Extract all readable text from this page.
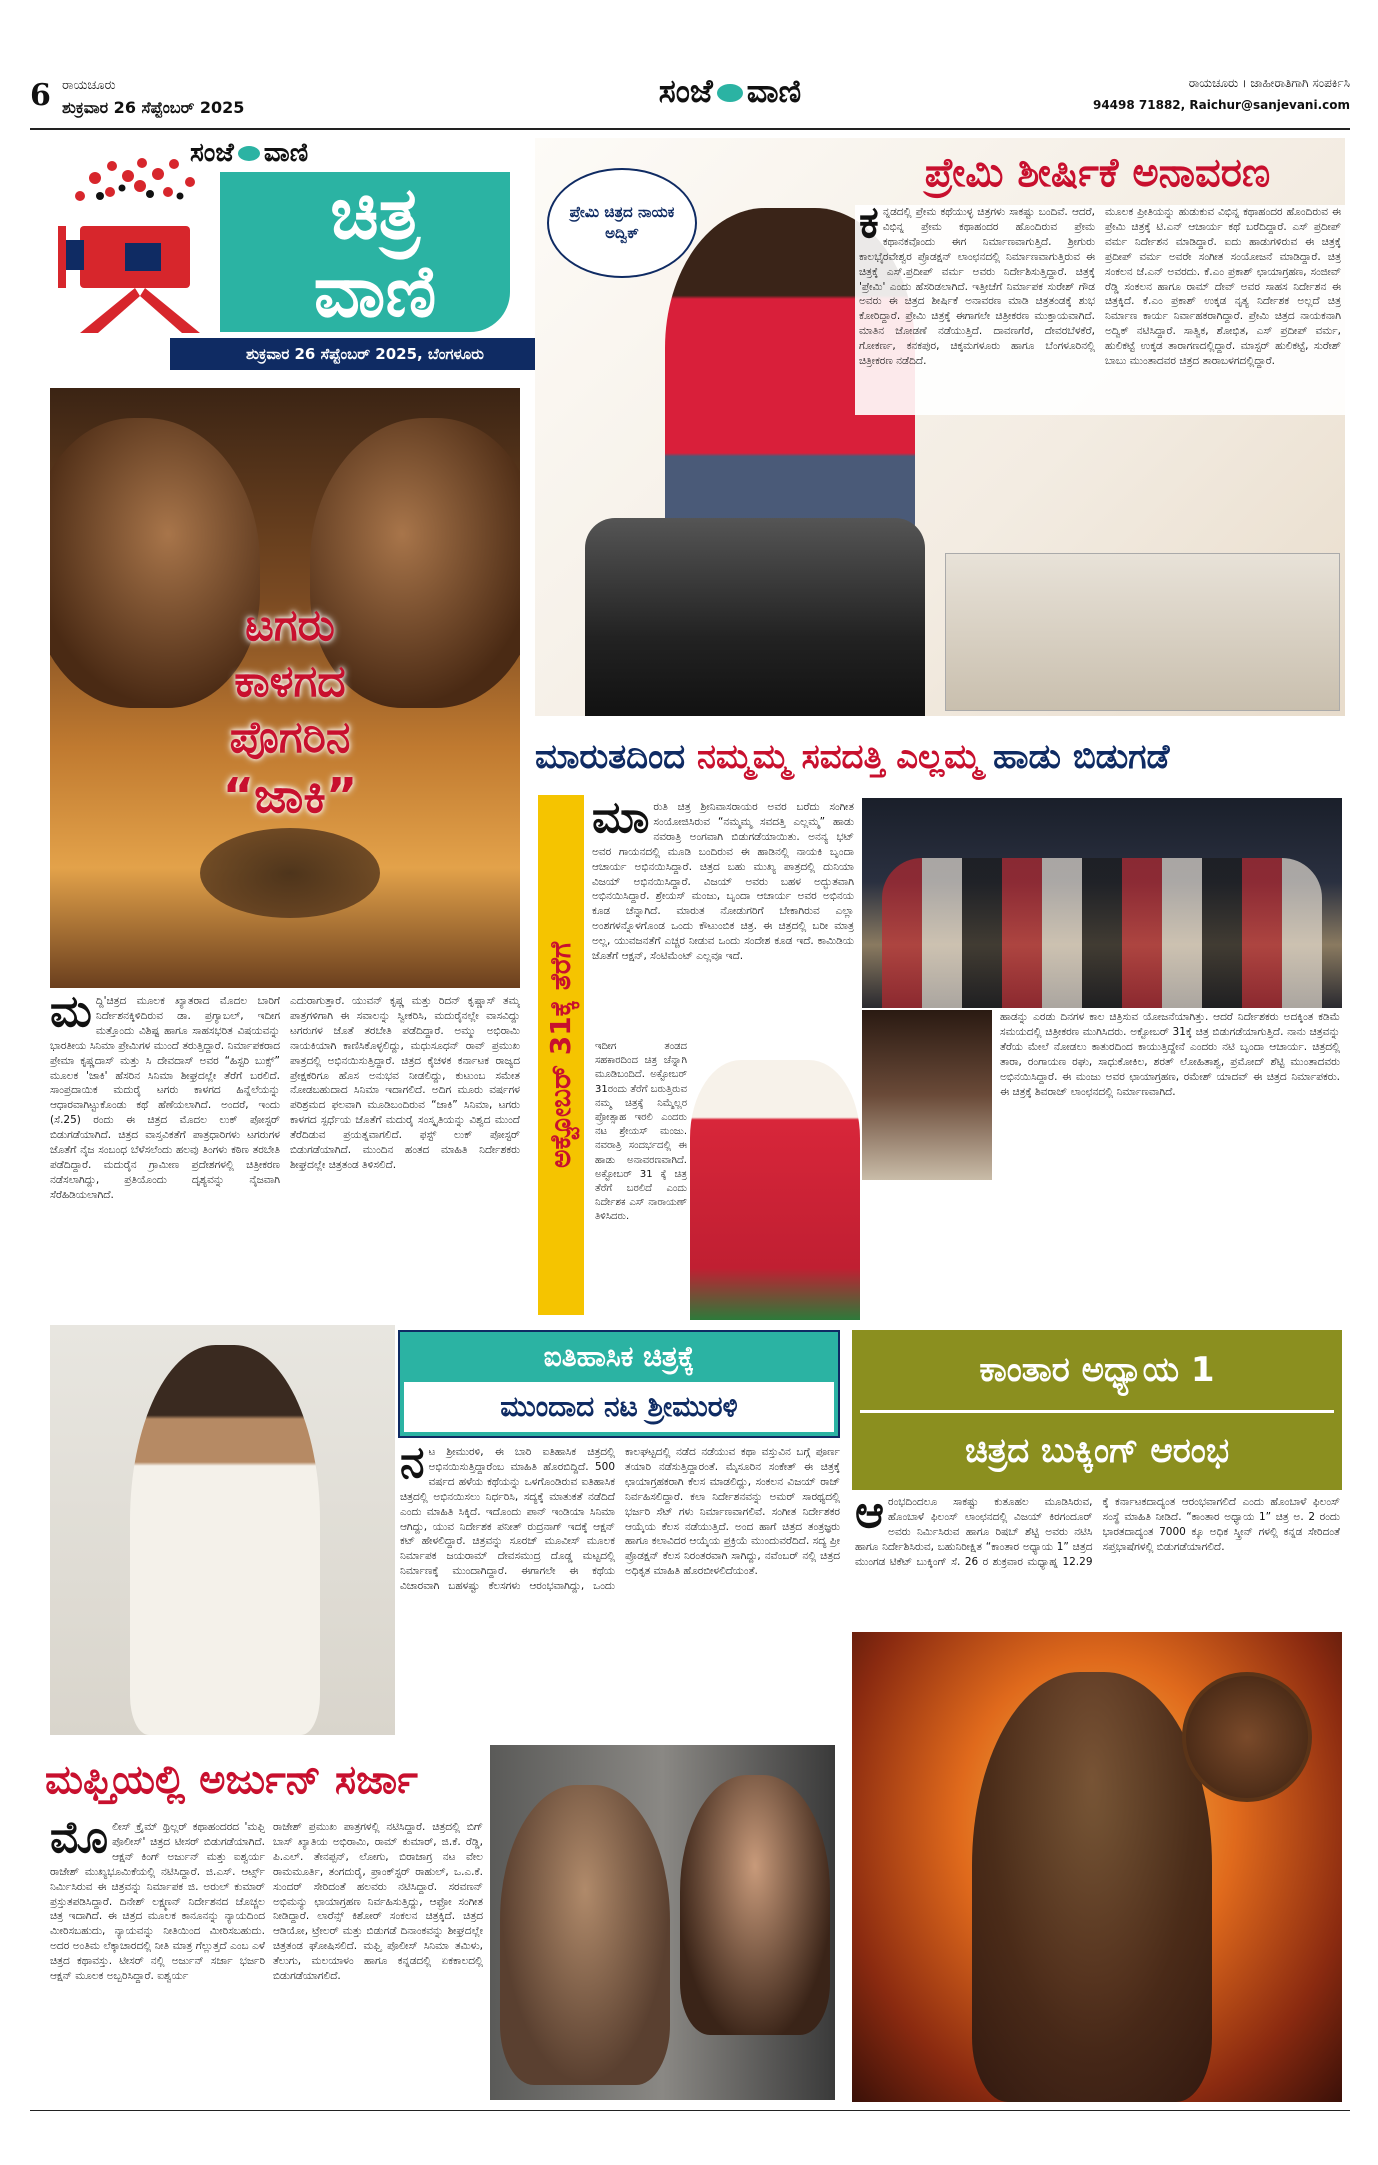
6 ರಾಯಚೂರು
ಶುಕ್ರವಾರ 26 ಸೆಪ್ಟೆಂಬರ್ 2025	ಸಂಜೆ ವಾಣಿ	ರಾಯಚೂರು । ಜಾಹೀರಾತಿಗಾಗಿ ಸಂಪರ್ಕಿಸಿ
94498 71882, Raichur@sanjevani.com
ಸಂಜೆ ವಾಣಿ
ಚಿತ್ರ
ವಾಣಿ
ಶುಕ್ರವಾರ 26 ಸೆಪ್ಟೆಂಬರ್ 2025, ಬೆಂಗಳೂರು
ಟಗರು
ಕಾಳಗದ
ಪೊಗರಿನ
“ಜಾಕಿ”
ಮದ್ದಿ'ಚಿತ್ರದ ಮೂಲಕ ಖ್ಯಾತರಾದ ಮೊದಲ ಬಾರಿಗೆ ನಿರ್ದೇಶನಕ್ಕಿಳಿದಿರುವ ಡಾ. ಪ್ರಗ್ಯಾಬಲ್, ಇದೀಗ ಮತ್ತೊಂದು ವಿಶಿಷ್ಟ ಹಾಗೂ ಸಾಹಸಭರಿತ ವಿಷಯವನ್ನು ಭಾರತೀಯ ಸಿನಿಮಾ ಪ್ರೇಮಿಗಳ ಮುಂದೆ ತರುತ್ತಿದ್ದಾರೆ. ನಿರ್ಮಾಪಕರಾದ ಪ್ರೇಮಾ ಕೃಷ್ಣದಾಸ್ ಮತ್ತು ಸಿ ದೇವದಾಸ್ ಅವರ “ಹಿಸ್ಟರಿ ಬುಕ್ಸ್” ಮೂಲಕ 'ಜಾಕಿ' ಹೆಸರಿನ ಸಿನಿಮಾ ಶೀಘ್ರದಲ್ಲೇ ತೆರೆಗೆ ಬರಲಿದೆ. ಸಾಂಪ್ರದಾಯಿಕ ಮದುರೈ ಟಗರು ಕಾಳಗದ ಹಿನ್ನೆಲೆಯನ್ನು ಆಧಾರವಾಗಿಟ್ಟುಕೊಂಡು ಕಥೆ ಹೆಣೆಯಲಾಗಿದೆ. ಅಂದರೆ, ಇಂದು (ಸೆ.25) ರಂದು ಈ ಚಿತ್ರದ ಮೊದಲ ಲುಕ್ ಪೋಸ್ಟರ್ ಬಿಡುಗಡೆಯಾಗಿದೆ. ಚಿತ್ರದ ವಾಸ್ತವಿಕತೆಗೆ ಪಾತ್ರಧಾರಿಗಳು ಟಗರುಗಳ ಜೊತೆಗೆ ನೈಜ ಸಂಬಂಧ ಬೆಳೆಸಲೆಂದು ಹಲವು ತಿಂಗಳು ಕಠಿಣ ತರಬೇತಿ ಪಡೆದಿದ್ದಾರೆ. ಮದುರೈನ ಗ್ರಾಮೀಣ ಪ್ರದೇಶಗಳಲ್ಲಿ ಚಿತ್ರೀಕರಣ ನಡೆಸಲಾಗಿದ್ದು, ಪ್ರತಿಯೊಂದು ದೃಶ್ಯವನ್ನು ನೈಜವಾಗಿ ಸೆರೆಹಿಡಿಯಲಾಗಿದೆ.
ಎದುರಾಗುತ್ತಾರೆ. ಯುವನ್ ಕೃಷ್ಣ ಮತ್ತು ರಿದನ್ ಕೃಷ್ಣಾಸ್ ತಮ್ಮ ಪಾತ್ರಗಳಿಗಾಗಿ ಈ ಸವಾಲನ್ನು ಸ್ವೀಕರಿಸಿ, ಮದುರೈನಲ್ಲೇ ವಾಸವಿದ್ದು ಟಗರುಗಳ ಜೊತೆ ತರಬೇತಿ ಪಡೆದಿದ್ದಾರೆ. ಅಮ್ಮು ಅಭಿರಾಮಿ ನಾಯಕಿಯಾಗಿ ಕಾಣಿಸಿಕೊಳ್ಳಲಿದ್ದು, ಮಧುಸೂಧನ್ ರಾವ್ ಪ್ರಮುಖ ಪಾತ್ರದಲ್ಲಿ ಅಭಿನಯಿಸುತ್ತಿದ್ದಾರೆ. ಚಿತ್ರದ ಕೈಚಳಕ ಕರ್ನಾಟಕ ರಾಜ್ಯದ ಪ್ರೇಕ್ಷಕರಿಗೂ ಹೊಸ ಅನುಭವ ನೀಡಲಿದ್ದು, ಕುಟುಂಬ ಸಮೇತ ನೋಡಬಹುದಾದ ಸಿನಿಮಾ ಇದಾಗಲಿದೆ. ಅದಿಗ ಮೂರು ವರ್ಷಗಳ ಪರಿಶ್ರಮದ ಫಲವಾಗಿ ಮೂಡಿಬಂದಿರುವ “ಜಾಕಿ” ಸಿನಿಮಾ, ಟಗರು ಕಾಳಗದ ಸ್ಪರ್ಧೆಯ ಜೊತೆಗೆ ಮದುರೈ ಸಂಸ್ಕೃತಿಯನ್ನು ವಿಶ್ವದ ಮುಂದೆ ತೆರೆದಿಡುವ ಪ್ರಯತ್ನವಾಗಲಿದೆ. ಫಸ್ಟ್ ಲುಕ್ ಪೋಸ್ಟರ್ ಬಿಡುಗಡೆಯಾಗಿದೆ. ಮುಂದಿನ ಹಂತದ ಮಾಹಿತಿ ನಿರ್ದೇಶಕರು ಶೀಘ್ರದಲ್ಲೇ ಚಿತ್ರತಂಡ ತಿಳಿಸಲಿದೆ.
ಪ್ರೇಮಿ ಚಿತ್ರದ ನಾಯಕ ಅದ್ವಿಕ್
ಪ್ರೇಮಿ ಶೀರ್ಷಿಕೆ ಅನಾವರಣ
ಕನ್ನಡದಲ್ಲಿ ಪ್ರೇಮ ಕಥೆಯುಳ್ಳ ಚಿತ್ರಗಳು ಸಾಕಷ್ಟು ಬಂದಿವೆ. ಆದರೆ, ವಿಭಿನ್ನ ಪ್ರೇಮ ಕಥಾಹಂದರ ಹೊಂದಿರುವ ಪ್ರೇಮ ಕಥಾನಕವೊಂದು ಈಗ ನಿರ್ಮಾಣವಾಗುತ್ತಿದೆ. ಶ್ರೀಗುರು ಕಾಲಭೈರವೇಶ್ವರ ಪ್ರೊಡಕ್ಷನ್ ಲಾಂಛನದಲ್ಲಿ ನಿರ್ಮಾಣವಾಗುತ್ತಿರುವ ಈ ಚಿತ್ರಕ್ಕೆ ಎಸ್.ಪ್ರದೀಪ್ ವರ್ಮ ಅವರು ನಿರ್ದೇಶಿಸುತ್ತಿದ್ದಾರೆ. ಚಿತ್ರಕ್ಕೆ 'ಪ್ರೇಮಿ' ಎಂದು ಹೆಸರಿಡಲಾಗಿದೆ. ಇತ್ತೀಚೆಗೆ ನಿರ್ಮಾಪಕ ಸುರೇಶ್ ಗೌಡ ಅವರು ಈ ಚಿತ್ರದ ಶೀರ್ಷಿಕೆ ಅನಾವರಣ ಮಾಡಿ ಚಿತ್ರತಂಡಕ್ಕೆ ಶುಭ ಕೋರಿದ್ದಾರೆ. ಪ್ರೇಮಿ ಚಿತ್ರಕ್ಕೆ ಈಗಾಗಲೇ ಚಿತ್ರೀಕರಣ ಮುಕ್ತಾಯವಾಗಿದೆ. ಮಾತಿನ ಜೋಡಣೆ ನಡೆಯುತ್ತಿದೆ. ದಾವಣಗೆರೆ, ದೇವರಬೆಳಕೆರೆ, ಗೋಕರ್ಣ, ಕನಕಪುರ, ಚಿಕ್ಕಮಗಳೂರು ಹಾಗೂ ಬೆಂಗಳೂರಿನಲ್ಲಿ ಚಿತ್ರೀಕರಣ ನಡೆದಿದೆ.
ಮೂಲಕ ಪ್ರೀತಿಯನ್ನು ಹುಡುಕುವ ವಿಭಿನ್ನ ಕಥಾಹಂದರ ಹೊಂದಿರುವ ಈ ಪ್ರೇಮಿ ಚಿತ್ರಕ್ಕೆ ಟಿ.ಎನ್ ಆಚಾರ್ಯ ಕಥೆ ಬರೆದಿದ್ದಾರೆ. ಎಸ್ ಪ್ರದೀಪ್ ವರ್ಮ ನಿರ್ದೇಶನ ಮಾಡಿದ್ದಾರೆ. ಐದು ಹಾಡುಗಳಿರುವ ಈ ಚಿತ್ರಕ್ಕೆ ಪ್ರದೀಪ್ ವರ್ಮ ಅವರೇ ಸಂಗೀತ ಸಂಯೋಜನೆ ಮಾಡಿದ್ದಾರೆ. ಚಿತ್ರ ಸಂಕಲನ ಜೆ.ಎನ್ ಅವರದು. ಕೆ.ಎಂ ಪ್ರಕಾಶ್ ಛಾಯಾಗ್ರಹಣ, ಸಂಜೀವ್ ರೆಡ್ಡಿ ಸಂಕಲನ ಹಾಗೂ ರಾಮ್ ದೇವ್ ಅವರ ಸಾಹಸ ನಿರ್ದೇಶನ ಈ ಚಿತ್ರಕ್ಕಿದೆ. ಕೆ.ಎಂ ಪ್ರಕಾಶ್ ಉಕ್ಕಡ ನೃತ್ಯ ನಿರ್ದೇಶಕ ಅಲ್ಲದೆ ಚಿತ್ರ ನಿರ್ಮಾಣ ಕಾರ್ಯ ನಿರ್ವಾಹಕರಾಗಿದ್ದಾರೆ. ಪ್ರೇಮಿ ಚಿತ್ರದ ನಾಯಕನಾಗಿ ಅದ್ವಿಕ್ ನಟಿಸಿದ್ದಾರೆ. ಸಾತ್ವಿಕ, ಶೋಭಿತ, ಎಸ್ ಪ್ರದೀಪ್ ವರ್ಮ, ಹುಲಿಕಟ್ಟೆ ಉಕ್ಕಡ ತಾರಾಗಣದಲ್ಲಿದ್ದಾರೆ. ಮಾಸ್ಟರ್ ಹುಲಿಕಟ್ಟೆ, ಸುರೇಶ್ ಬಾಬು ಮುಂತಾದವರ ಚಿತ್ರದ ತಾರಾಬಳಗದಲ್ಲಿದ್ದಾರೆ.
ಮಾರುತದಿಂದ ನಮ್ಮಮ್ಮ ಸವದತ್ತಿ ಎಲ್ಲಮ್ಮ ಹಾಡು ಬಿಡುಗಡೆ
ಅಕ್ಟೋಬರ್ 31ಕ್ಕೆ ತೆರೆಗೆ
ಮಾರುತಿ ಚಿತ್ರ ಶ್ರೀನಿವಾಸರಾಯರ ಅವರ ಬರೆದು ಸಂಗೀತ ಸಂಯೋಜಿಸಿರುವ “ನಮ್ಮಮ್ಮ ಸವದತ್ತಿ ಎಲ್ಲಮ್ಮ” ಹಾಡು ನವರಾತ್ರಿ ಅಂಗವಾಗಿ ಬಿಡುಗಡೆಯಾಯಿತು. ಅನನ್ಯ ಭಟ್ ಅವರ ಗಾಯನದಲ್ಲಿ ಮೂಡಿ ಬಂದಿರುವ ಈ ಹಾಡಿನಲ್ಲಿ ನಾಯಕಿ ಬೃಂದಾ ಆಚಾರ್ಯ ಅಭಿನಯಿಸಿದ್ದಾರೆ. ಚಿತ್ರದ ಬಹು ಮುಖ್ಯ ಪಾತ್ರದಲ್ಲಿ ದುನಿಯಾ ವಿಜಯ್ ಅಭಿನಯಿಸಿದ್ದಾರೆ. ವಿಜಯ್ ಅವರು ಬಹಳ ಅದ್ಭುತವಾಗಿ ಅಭಿನಯಿಸಿದ್ದಾರೆ. ಶ್ರೇಯಸ್ ಮಂಜು, ಬೃಂದಾ ಆಚಾರ್ಯ ಅವರ ಅಭಿನಯ ಕೂಡ ಚೆನ್ನಾಗಿದೆ. ಮಾರುತ ನೋಡುಗರಿಗೆ ಬೇಕಾಗಿರುವ ಎಲ್ಲಾ ಅಂಶಗಳನ್ನೊಳಗೊಂಡ ಒಂದು ಕೌಟುಂಬಿಕ ಚಿತ್ರ. ಈ ಚಿತ್ರದಲ್ಲಿ ಬರೀ ಮಾತ್ರ ಅಲ್ಲ, ಯುವಜನತೆಗೆ ಎಚ್ಚರ ನೀಡುವ ಒಂದು ಸಂದೇಶ ಕೂಡ ಇದೆ. ಕಾಮಿಡಿಯ ಜೊತೆಗೆ ಆಕ್ಷನ್, ಸೆಂಟಿಮೆಂಟ್ ಎಲ್ಲವೂ ಇದೆ.
ಇದೀಗ ತಂಡದ ಸಹಕಾರದಿಂದ ಚಿತ್ರ ಚೆನ್ನಾಗಿ ಮೂಡಿಬಂದಿದೆ. ಅಕ್ಟೋಬರ್ 31ರಂದು ತೆರೆಗೆ ಬರುತ್ತಿರುವ ನಮ್ಮ ಚಿತ್ರಕ್ಕೆ ನಿಮ್ಮೆಲ್ಲರ ಪ್ರೋತ್ಸಾಹ ಇರಲಿ ಎಂದರು ನಟ ಶ್ರೇಯಸ್ ಮಂಜು. ನವರಾತ್ರಿ ಸಂದರ್ಭದಲ್ಲಿ ಈ ಹಾಡು ಅನಾವರಣವಾಗಿದೆ. ಅಕ್ಟೋಬರ್ 31 ಕ್ಕೆ ಚಿತ್ರ ತೆರೆಗೆ ಬರಲಿದೆ ಎಂದು ನಿರ್ದೇಶಕ ಎಸ್ ನಾರಾಯಣ್ ತಿಳಿಸಿದರು.
ಹಾಡನ್ನು ಎರಡು ದಿನಗಳ ಕಾಲ ಚಿತ್ರಿಸುವ ಯೋಜನೆಯಾಗಿತ್ತು. ಆದರೆ ನಿರ್ದೇಶಕರು ಅದಕ್ಕಿಂತ ಕಡಿಮೆ ಸಮಯದಲ್ಲಿ ಚಿತ್ರೀಕರಣ ಮುಗಿಸಿದರು. ಅಕ್ಟೋಬರ್ 31ಕ್ಕೆ ಚಿತ್ರ ಬಿಡುಗಡೆಯಾಗುತ್ತಿದೆ. ನಾನು ಚಿತ್ರವನ್ನು ತೆರೆಯ ಮೇಲೆ ನೋಡಲು ಕಾತುರದಿಂದ ಕಾಯುತ್ತಿದ್ದೇನೆ ಎಂದರು ನಟಿ ಬೃಂದಾ ಆಚಾರ್ಯ. ಚಿತ್ರದಲ್ಲಿ ತಾರಾ, ರಂಗಾಯಣ ರಘು, ಸಾಧುಕೋಕಿಲ, ಶರತ್ ಲೋಹಿತಾಶ್ವ, ಪ್ರಮೋದ್ ಶೆಟ್ಟಿ ಮುಂತಾದವರು ಅಭಿನಯಿಸಿದ್ದಾರೆ. ಈ ಮಂಜು ಅವರ ಛಾಯಾಗ್ರಹಣ, ರಮೇಶ್ ಯಾದವ್ ಈ ಚಿತ್ರದ ನಿರ್ಮಾಪಕರು. ಈ ಚಿತ್ರಕ್ಕೆ ಶಿವರಾಜ್ ಲಾಂಛನದಲ್ಲಿ ನಿರ್ಮಾಣವಾಗಿದೆ.
ಐತಿಹಾಸಿಕ ಚಿತ್ರಕ್ಕೆ
ಮುಂದಾದ ನಟ ಶ್ರೀಮುರಳಿ
ನಟ ಶ್ರೀಮುರಳಿ, ಈ ಬಾರಿ ಐತಿಹಾಸಿಕ ಚಿತ್ರದಲ್ಲಿ ಅಭಿನಯಿಸುತ್ತಿದ್ದಾರೆಂಬ ಮಾಹಿತಿ ಹೊರಬಿದ್ದಿದೆ. 500 ವರ್ಷದ ಹಳೆಯ ಕಥೆಯನ್ನು ಒಳಗೊಂಡಿರುವ ಐತಿಹಾಸಿಕ ಚಿತ್ರದಲ್ಲಿ ಅಭಿನಯಿಸಲು ನಿರ್ಧರಿಸಿ, ಸದ್ಯಕ್ಕೆ ಮಾತುಕತೆ ನಡೆದಿದೆ ಎಂದು ಮಾಹಿತಿ ಸಿಕ್ಕಿದೆ. ಇದೊಂದು ಪಾನ್ ಇಂಡಿಯಾ ಸಿನಿಮಾ ಆಗಿದ್ದು, ಯುವ ನಿರ್ದೇಶಕ ಪನೀತ್ ರುದ್ರನಾಗ್ ಇದಕ್ಕೆ ಆಕ್ಷನ್ ಕಟ್ ಹೇಳಲಿದ್ದಾರೆ. ಚಿತ್ರವನ್ನು ಸೂರಜ್ ಮೂವೀಸ್ ಮೂಲಕ ನಿರ್ಮಾಪಕ ಜಯರಾಮ್ ದೇವಸಮುದ್ರ ದೊಡ್ಡ ಮಟ್ಟದಲ್ಲಿ ನಿರ್ಮಾಣಕ್ಕೆ ಮುಂದಾಗಿದ್ದಾರೆ. ಈಗಾಗಲೇ ಈ ಕಥೆಯ ವಿಚಾರವಾಗಿ ಬಹಳಷ್ಟು ಕೆಲಸಗಳು ಆರಂಭವಾಗಿದ್ದು, ಒಂದು ಕಾಲಘಟ್ಟದಲ್ಲಿ ನಡೆದ ನಡೆಯುವ ಕಥಾ ವಸ್ತುವಿನ ಬಗ್ಗೆ ಪೂರ್ಣ ತಯಾರಿ ನಡೆಸುತ್ತಿದ್ದಾರಂತೆ. ಮೈಸೂರಿನ ಸಂಕೇತ್ ಈ ಚಿತ್ರಕ್ಕೆ ಛಾಯಾಗ್ರಹಕರಾಗಿ ಕೆಲಸ ಮಾಡಲಿದ್ದು, ಸಂಕಲನ ವಿಜಯ್ ರಾಜ್ ನಿರ್ವಹಿಸಲಿದ್ದಾರೆ. ಕಲಾ ನಿರ್ದೇಶನವನ್ನು ಅಮರ್ ಸಾರಥ್ಯದಲ್ಲಿ ಭರ್ಜರಿ ಸೆಟ್ ಗಳು ನಿರ್ಮಾಣವಾಗಲಿವೆ. ಸಂಗೀತ ನಿರ್ದೇಶಕರ ಆಯ್ಕೆಯ ಕೆಲಸ ನಡೆಯುತ್ತಿದೆ. ಅಂದ ಹಾಗೆ ಚಿತ್ರದ ತಂತ್ರಜ್ಞರು ಹಾಗೂ ಕಲಾವಿದರ ಆಯ್ಕೆಯ ಪ್ರಕ್ರಿಯೆ ಮುಂದುವರೆದಿದೆ. ಸದ್ಯ ಪ್ರೀ ಪ್ರೊಡಕ್ಷನ್ ಕೆಲಸ ನಿರಂತರವಾಗಿ ಸಾಗಿದ್ದು, ನವೆಂಬರ್ ನಲ್ಲಿ ಚಿತ್ರದ ಅಧಿಕೃತ ಮಾಹಿತಿ ಹೊರಬೀಳಲಿದೆಯಂತೆ.
ಕಾಂತಾರ ಅಧ್ಯಾಯ 1
ಚಿತ್ರದ ಬುಕ್ಕಿಂಗ್ ಆರಂಭ
ಆರಂಭದಿಂದಲೂ ಸಾಕಷ್ಟು ಕುತೂಹಲ ಮೂಡಿಸಿರುವ, ಹೊಂಬಾಳೆ ಫಿಲಂಸ್ ಲಾಂಛನದಲ್ಲಿ ವಿಜಯ್ ಕಿರಗಂದೂರ್ ಅವರು ನಿರ್ಮಿಸಿರುವ ಹಾಗೂ ರಿಷಬ್ ಶೆಟ್ಟಿ ಅವರು ನಟಿಸಿ ಹಾಗೂ ನಿರ್ದೇಶಿಸಿರುವ, ಬಹುನಿರೀಕ್ಷಿತ “ಕಾಂತಾರ ಅಧ್ಯಾಯ 1” ಚಿತ್ರದ ಮುಂಗಡ ಟಿಕೆಟ್ ಬುಕ್ಕಿಂಗ್ ಸೆ. 26 ರ ಶುಕ್ರವಾರ ಮಧ್ಯಾಹ್ನ 12.29 ಕ್ಕೆ ಕರ್ನಾಟಕದಾದ್ಯಂತ ಆರಂಭವಾಗಲಿದೆ ಎಂದು ಹೊಂಬಾಳೆ ಫಿಲಂಸ್ ಸಂಸ್ಥೆ ಮಾಹಿತಿ ನೀಡಿದೆ. “ಕಾಂತಾರ ಅಧ್ಯಾಯ 1” ಚಿತ್ರ ಅ. 2 ರಂದು ಭಾರತದಾದ್ಯಂತ 7000 ಕ್ಕೂ ಅಧಿಕ ಸ್ಕ್ರೀನ್ ಗಳಲ್ಲಿ ಕನ್ನಡ ಸೇರಿದಂತೆ ಸಪ್ತಭಾಷೆಗಳಲ್ಲಿ ಬಿಡುಗಡೆಯಾಗಲಿದೆ.
ಮಫ್ತಿಯಲ್ಲಿ ಅರ್ಜುನ್ ಸರ್ಜಾ
ಮೊಲೀಸ್ ಕ್ರೈಮ್ ಥ್ರಿಲ್ಲರ್ ಕಥಾಹಂದರದ 'ಮಫ್ತಿ ಪೊಲೀಸ್' ಚಿತ್ರದ ಟೀಸರ್ ಬಿಡುಗಡೆಯಾಗಿದೆ. ಆಕ್ಷನ್ ಕಿಂಗ್ ಅರ್ಜುನ್ ಮತ್ತು ಐಶ್ವರ್ಯ ರಾಜೇಶ್ ಮುಖ್ಯಭೂಮಿಕೆಯಲ್ಲಿ ನಟಿಸಿದ್ದಾರೆ. ಜಿ.ಎಸ್. ಆರ್ಟ್ಸ್ ನಿರ್ಮಿಸಿರುವ ಈ ಚಿತ್ರವನ್ನು ನಿರ್ಮಾಪಕ ಜಿ. ಅರುಲ್ ಕುಮಾರ್ ಪ್ರಸ್ತುತಪಡಿಸಿದ್ದಾರೆ. ದಿನೇಶ್ ಲಕ್ಷ್ಮಣನ್ ನಿರ್ದೇಶನದ ಚೊಚ್ಚಲ ಚಿತ್ರ ಇದಾಗಿದೆ. ಈ ಚಿತ್ರದ ಮೂಲಕ ಕಾನೂನನ್ನು ನ್ಯಾಯದಿಂದ ಮೀರಿಸಬಹುದು, ನ್ಯಾಯವನ್ನು ನೀತಿಯಿಂದ ಮೀರಿಸಬಹುದು. ಅದರ ಅಂತಿಮ ಲೆಕ್ಕಾಚಾರದಲ್ಲಿ ನೀತಿ ಮಾತ್ರ ಗೆಲ್ಲುತ್ತದೆ ಎಂಬ ಎಳೆ ಚಿತ್ರದ ಕಥಾವಸ್ತು. ಟೀಸರ್ ನಲ್ಲಿ ಅರ್ಜುನ್ ಸರ್ಜಾ ಭರ್ಜರಿ ಆಕ್ಷನ್ ಮೂಲಕ ಅಬ್ಬರಿಸಿದ್ದಾರೆ. ಐಶ್ವರ್ಯ
ರಾಜೇಶ್ ಪ್ರಮುಖ ಪಾತ್ರಗಳಲ್ಲಿ ನಟಿಸಿದ್ದಾರೆ. ಚಿತ್ರದಲ್ಲಿ ಬಿಗ್ ಬಾಸ್ ಖ್ಯಾತಿಯ ಅಭಿರಾಮಿ, ರಾಮ್ ಕುಮಾರ್, ಜಿ.ಕೆ. ರೆಡ್ಡಿ, ಪಿ.ಎಲ್. ತೇನಪ್ಪನ್, ಲೋಗು, ಬಿರಾಜಾಗ್ರ ನಟ ವೇಲ ರಾಮಮೂರ್ತಿ, ತಂಗದುರೈ, ಪ್ರಾಂಕ್‌ಸ್ಟರ್ ರಾಹುಲ್, ಒ.ಎ.ಕೆ. ಸುಂದರ್ ಸೇರಿದಂತೆ ಹಲವರು ನಟಿಸಿದ್ದಾರೆ. ಸರವಣನ್ ಅಭಿಮನ್ಯು ಛಾಯಾಗ್ರಹಣ ನಿರ್ವಹಿಸುತ್ತಿದ್ದು, ಆಫ್ರೋ ಸಂಗೀತ ನೀಡಿದ್ದಾರೆ. ಲಾರೆನ್ಸ್ ಕಿಶೋರ್ ಸಂಕಲನ ಚಿತ್ರಕ್ಕಿದೆ. ಚಿತ್ರದ ಆಡಿಯೋ, ಟ್ರೇಲರ್ ಮತ್ತು ಬಿಡುಗಡೆ ದಿನಾಂಕವನ್ನು ಶೀಘ್ರದಲ್ಲೇ ಚಿತ್ರತಂಡ ಘೋಷಿಸಲಿದೆ. ಮಫ್ತಿ ಪೊಲೀಸ್ ಸಿನಿಮಾ ತಮಿಳು, ತೆಲುಗು, ಮಲಯಾಳಂ ಹಾಗೂ ಕನ್ನಡದಲ್ಲಿ ಏಕಕಾಲದಲ್ಲಿ ಬಿಡುಗಡೆಯಾಗಲಿದೆ.
